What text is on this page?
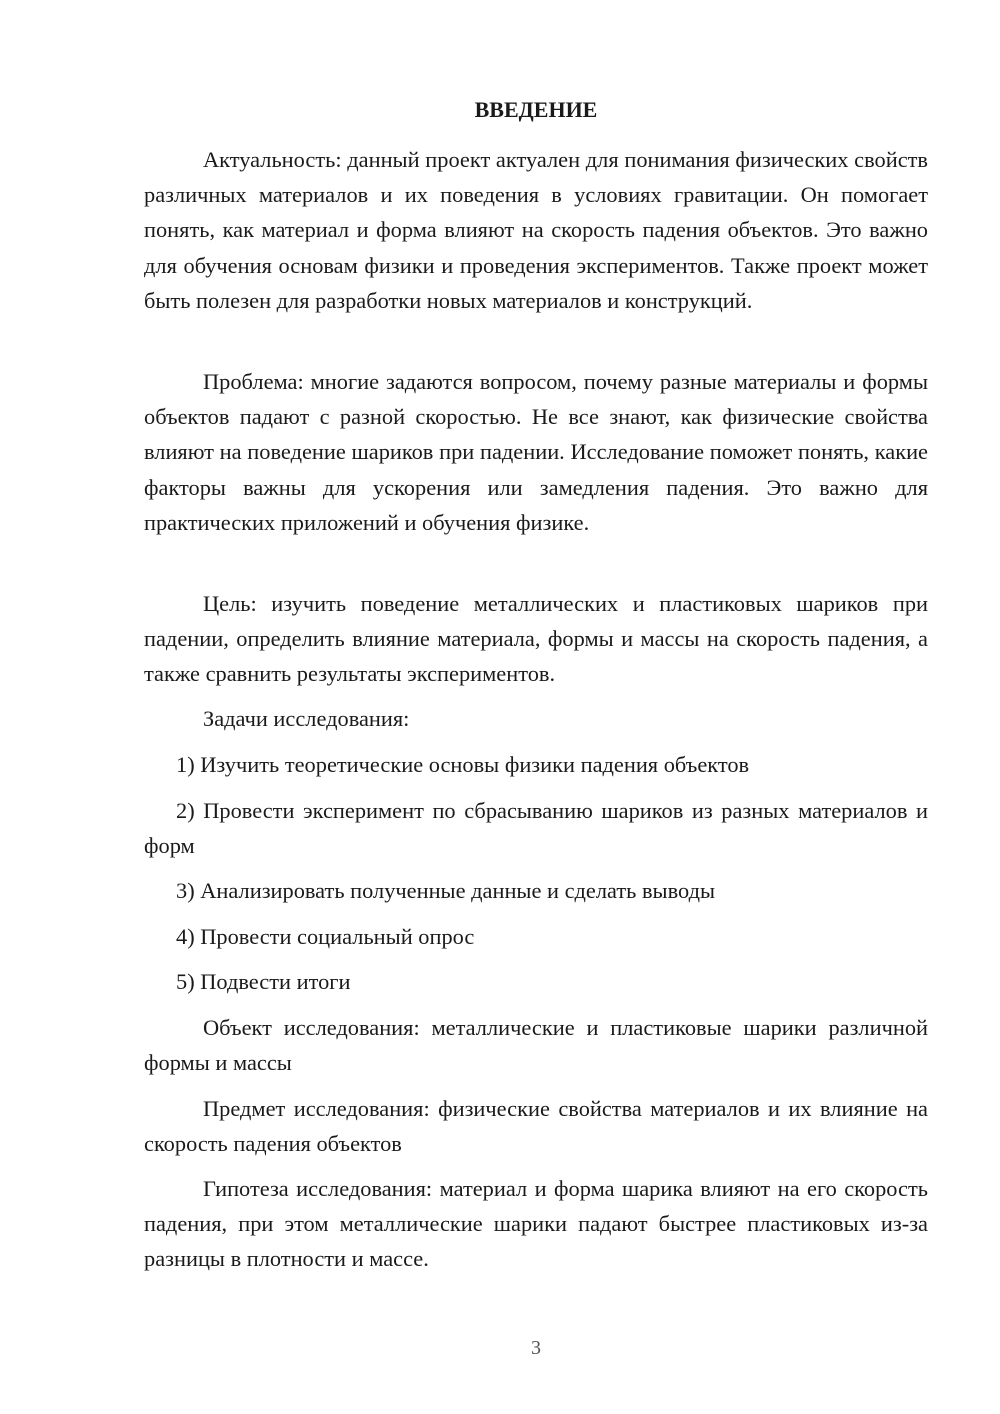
ВВЕДЕНИЕ

Актуальность: данный проект актуален для понимания физических свойств различных материалов и их поведения в условиях гравитации. Он помогает понять, как материал и форма влияют на скорость падения объектов. Это важно для обучения основам физики и проведения экспериментов. Также проект может быть полезен для разработки новых материалов и конструкций.

Проблема: многие задаются вопросом, почему разные материалы и формы объектов падают с разной скоростью. Не все знают, как физические свойства влияют на поведение шариков при падении. Исследование поможет понять, какие факторы важны для ускорения или замедления падения. Это важно для практических приложений и обучения физике.

Цель: изучить поведение металлических и пластиковых шариков при падении, определить влияние материала, формы и массы на скорость падения, а также сравнить результаты экспериментов.

Задачи исследования:

1) Изучить теоретические основы физики падения объектов

2) Провести эксперимент по сбрасыванию шариков из разных материалов и форм

3) Анализировать полученные данные и сделать выводы

4) Провести социальный опрос

5) Подвести итоги

Объект исследования: металлические и пластиковые шарики различной формы и массы

Предмет исследования: физические свойства материалов и их влияние на скорость падения объектов

Гипотеза исследования: материал и форма шарика влияют на его скорость падения, при этом металлические шарики падают быстрее пластиковых из-за разницы в плотности и массе.

3
